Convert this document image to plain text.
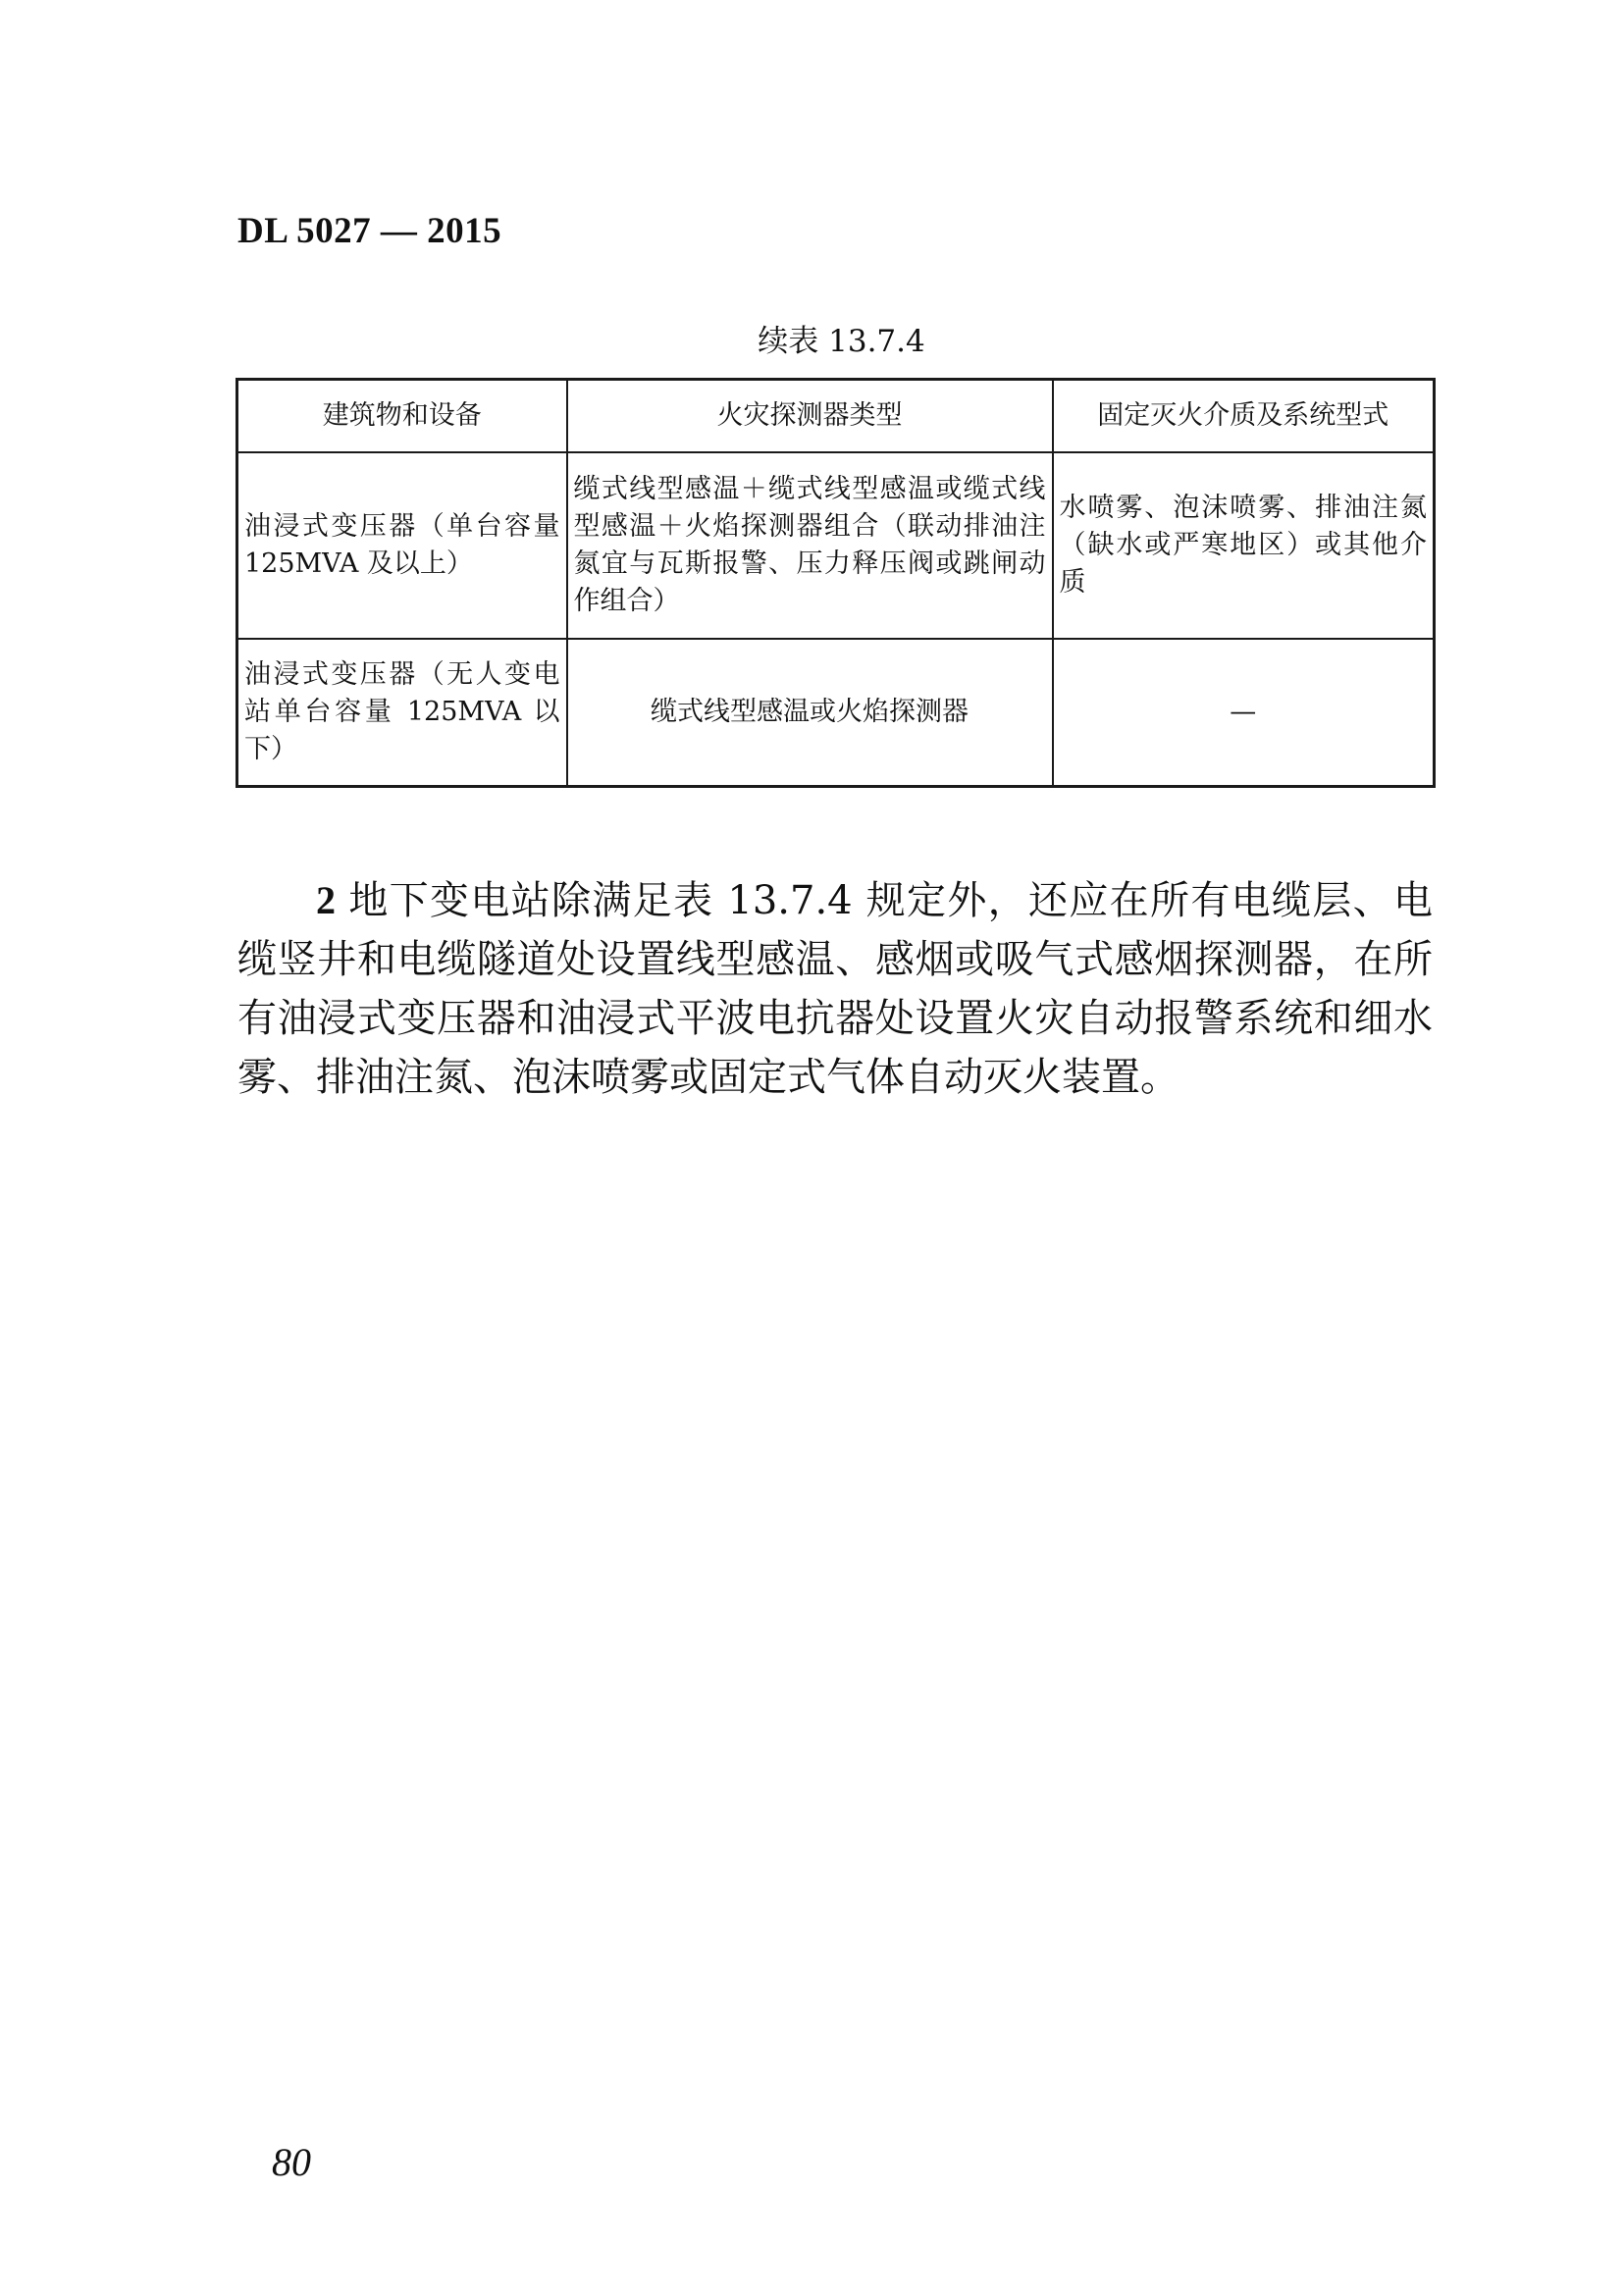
DL 5027 — 2015
续表 13.7.4
建筑物和设备	火灾探测器类型	固定灭火介质及系统型式
油浸式变压器（单台容量 125MVA 及以上）	缆式线型感温＋缆式线型感温或缆式线型感温＋火焰探测器组合（联动排油注氮宜与瓦斯报警、压力释压阀或跳闸动作组合）	水喷雾、泡沫喷雾、排油注氮（缺水或严寒地区）或其他介质
油浸式变压器（无人变电站单台容量 125MVA 以下）	缆式线型感温或火焰探测器	—

2 地下变电站除满足表 13.7.4 规定外，还应在所有电缆层、电缆竖井和电缆隧道处设置线型感温、感烟或吸气式感烟探测器，在所有油浸式变压器和油浸式平波电抗器处设置火灾自动报警系统和细水雾、排油注氮、泡沫喷雾或固定式气体自动灭火装置。

80
